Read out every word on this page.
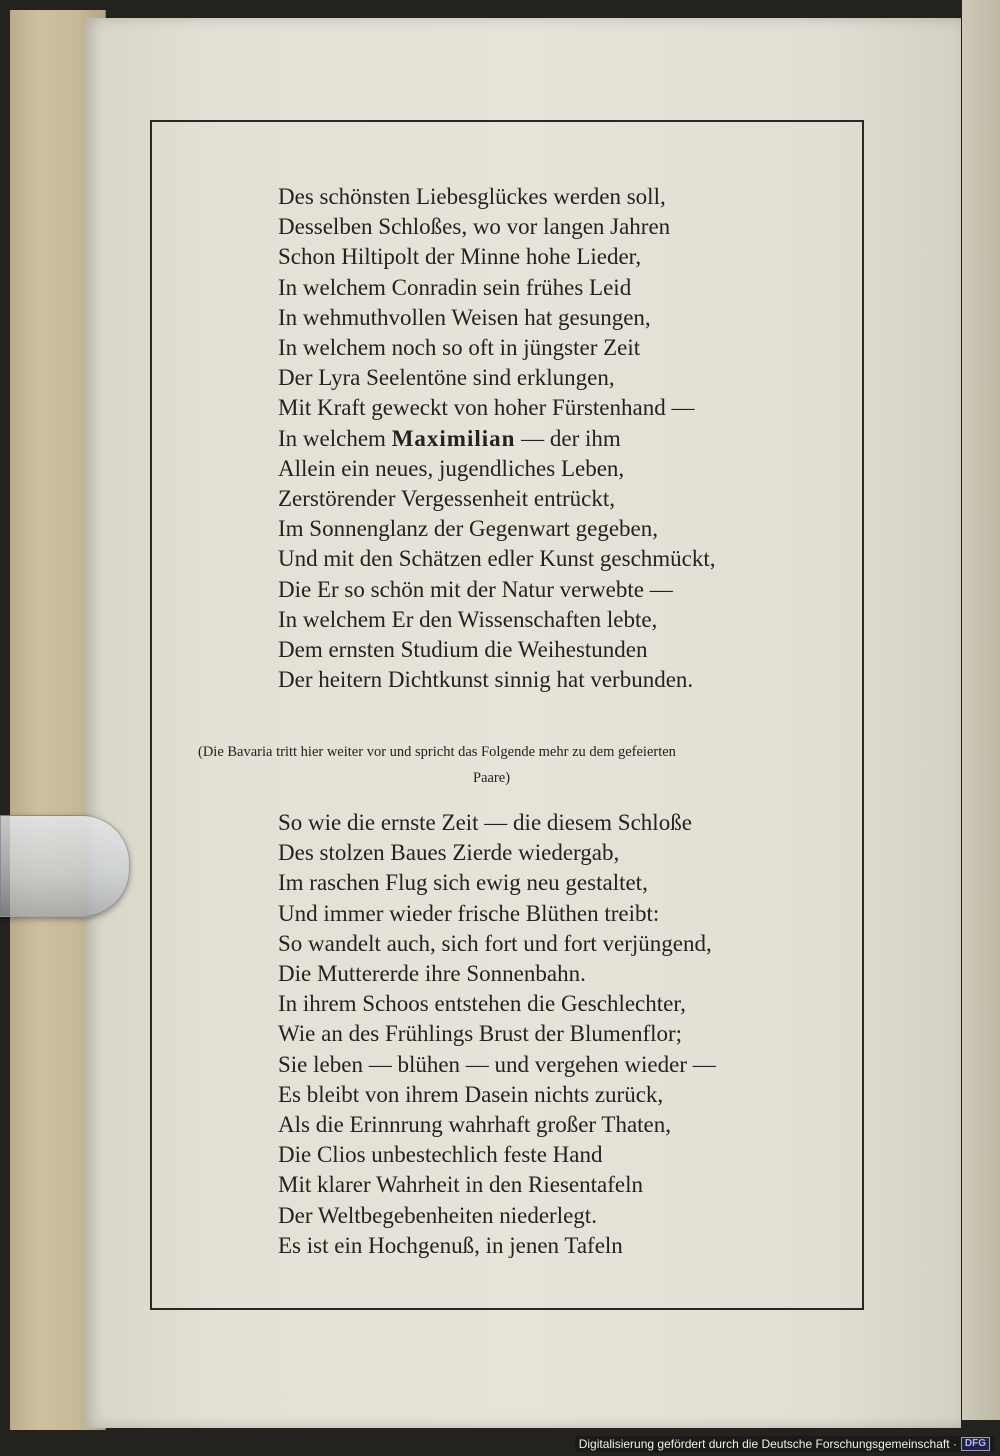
Des schönsten Liebesglückes werden soll,
Desselben Schloßes, wo vor langen Jahren
Schon Hiltipolt der Minne hohe Lieder,
In welchem Conradin sein frühes Leid
In wehmuthvollen Weisen hat gesungen,
In welchem noch so oft in jüngster Zeit
Der Lyra Seelentöne sind erklungen,
Mit Kraft geweckt von hoher Fürstenhand —
In welchem Maximilian — der ihm
Allein ein neues, jugendliches Leben,
Zerstörender Vergessenheit entrückt,
Im Sonnenglanz der Gegenwart gegeben,
Und mit den Schätzen edler Kunst geschmückt,
Die Er so schön mit der Natur verwebte —
In welchem Er den Wissenschaften lebte,
Dem ernsten Studium die Weihestunden
Der heitern Dichtkunst sinnig hat verbunden.
(Die Bavaria tritt hier weiter vor und spricht das Folgende mehr zu dem gefeierten
Paare)
So wie die ernste Zeit — die diesem Schloße
Des stolzen Baues Zierde wiedergab,
Im raschen Flug sich ewig neu gestaltet,
Und immer wieder frische Blüthen treibt:
So wandelt auch, sich fort und fort verjüngend,
Die Muttererde ihre Sonnenbahn.
In ihrem Schoos entstehen die Geschlechter,
Wie an des Frühlings Brust der Blumenflor;
Sie leben — blühen — und vergehen wieder —
Es bleibt von ihrem Dasein nichts zurück,
Als die Erinnrung wahrhaft großer Thaten,
Die Clios unbestechlich feste Hand
Mit klarer Wahrheit in den Riesentafeln
Der Weltbegebenheiten niederlegt.
Es ist ein Hochgenuß, in jenen Tafeln
Digitalisierung gefördert durch die Deutsche Forschungsgemeinschaft · DFG
